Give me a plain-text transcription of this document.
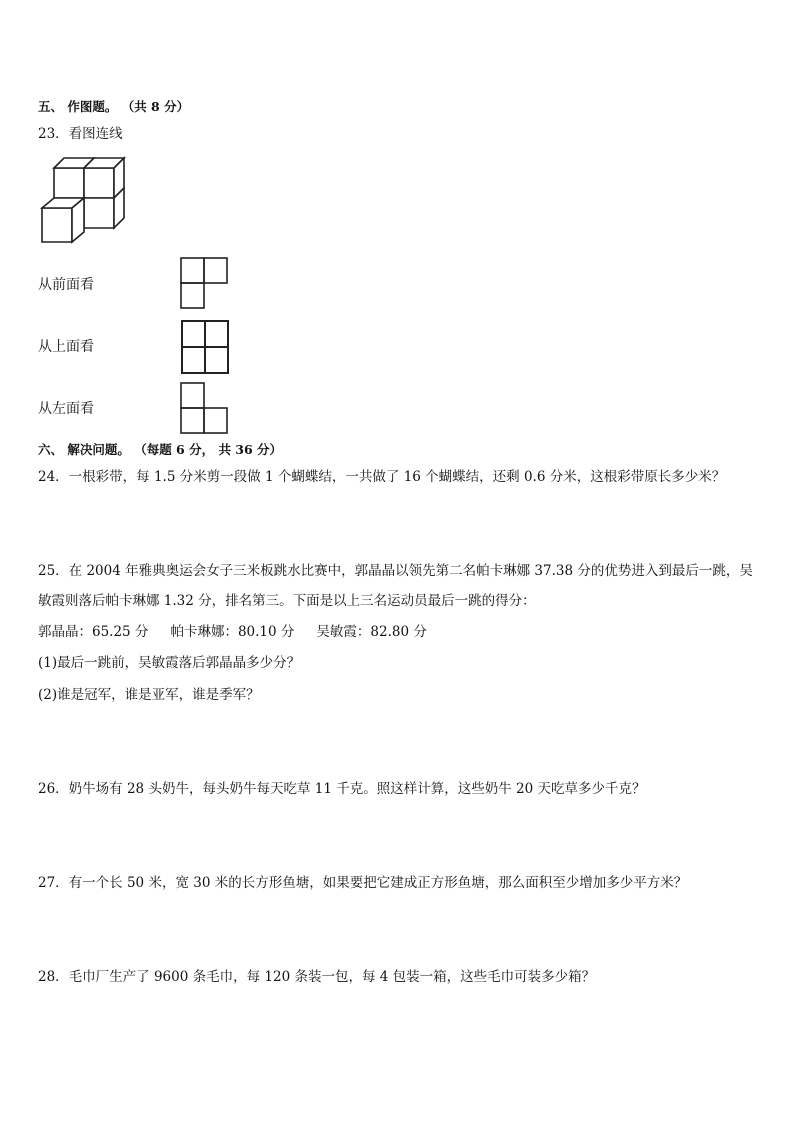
五、 作图题。 （共 8 分）
23．看图连线
从前面看
从上面看
从左面看
六、 解决问题。 （每题 6 分， 共 36 分）
24．一根彩带，每 1.5 分米剪一段做 1 个蝴蝶结，一共做了 16 个蝴蝶结，还剩 0.6 分米，这根彩带原长多少米？
25．在 2004 年雅典奥运会女子三米板跳水比赛中，郭晶晶以领先第二名帕卡琳娜 37.38 分的优势进入到最后一跳，吴
敏霞则落后帕卡琳娜 1.32 分，排名第三。下面是以上三名运动员最后一跳的得分：
郭晶晶：65.25 分 帕卡琳娜：80.10 分 吴敏霞：82.80 分
(1)最后一跳前，吴敏霞落后郭晶晶多少分？
(2)谁是冠军，谁是亚军，谁是季军？
26．奶牛场有 28 头奶牛，每头奶牛每天吃草 11 千克。照这样计算，这些奶牛 20 天吃草多少千克？
27．有一个长 50 米，宽 30 米的长方形鱼塘，如果要把它建成正方形鱼塘，那么面积至少增加多少平方米？
28．毛巾厂生产了 9600 条毛巾，每 120 条装一包，每 4 包装一箱，这些毛巾可装多少箱？
